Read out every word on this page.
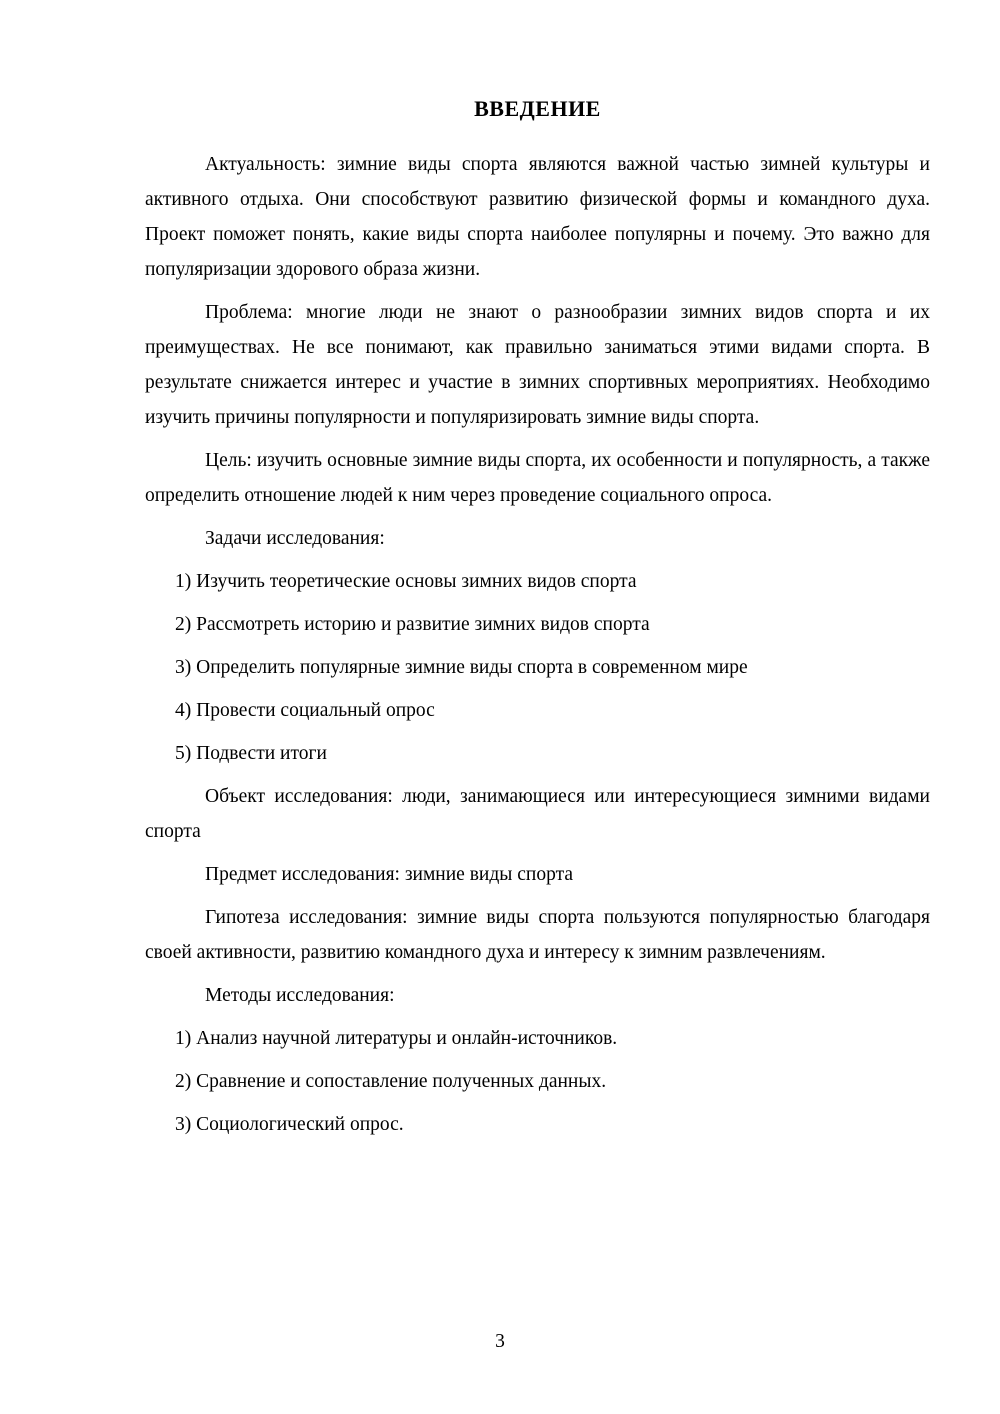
ВВЕДЕНИЕ

Актуальность: зимние виды спорта являются важной частью зимней культуры и активного отдыха. Они способствуют развитию физической формы и командного духа. Проект поможет понять, какие виды спорта наиболее популярны и почему. Это важно для популяризации здорового образа жизни.

Проблема: многие люди не знают о разнообразии зимних видов спорта и их преимуществах. Не все понимают, как правильно заниматься этими видами спорта. В результате снижается интерес и участие в зимних спортивных мероприятиях. Необходимо изучить причины популярности и популяризировать зимние виды спорта.

Цель: изучить основные зимние виды спорта, их особенности и популярность, а также определить отношение людей к ним через проведение социального опроса.

Задачи исследования:

1) Изучить теоретические основы зимних видов спорта

2) Рассмотреть историю и развитие зимних видов спорта

3) Определить популярные зимние виды спорта в современном мире

4) Провести социальный опрос

5) Подвести итоги

Объект исследования: люди, занимающиеся или интересующиеся зимними видами спорта

Предмет исследования: зимние виды спорта

Гипотеза исследования: зимние виды спорта пользуются популярностью благодаря своей активности, развитию командного духа и интересу к зимним развлечениям.

Методы исследования:

1) Анализ научной литературы и онлайн-источников.

2) Сравнение и сопоставление полученных данных.

3) Социологический опрос.

3
